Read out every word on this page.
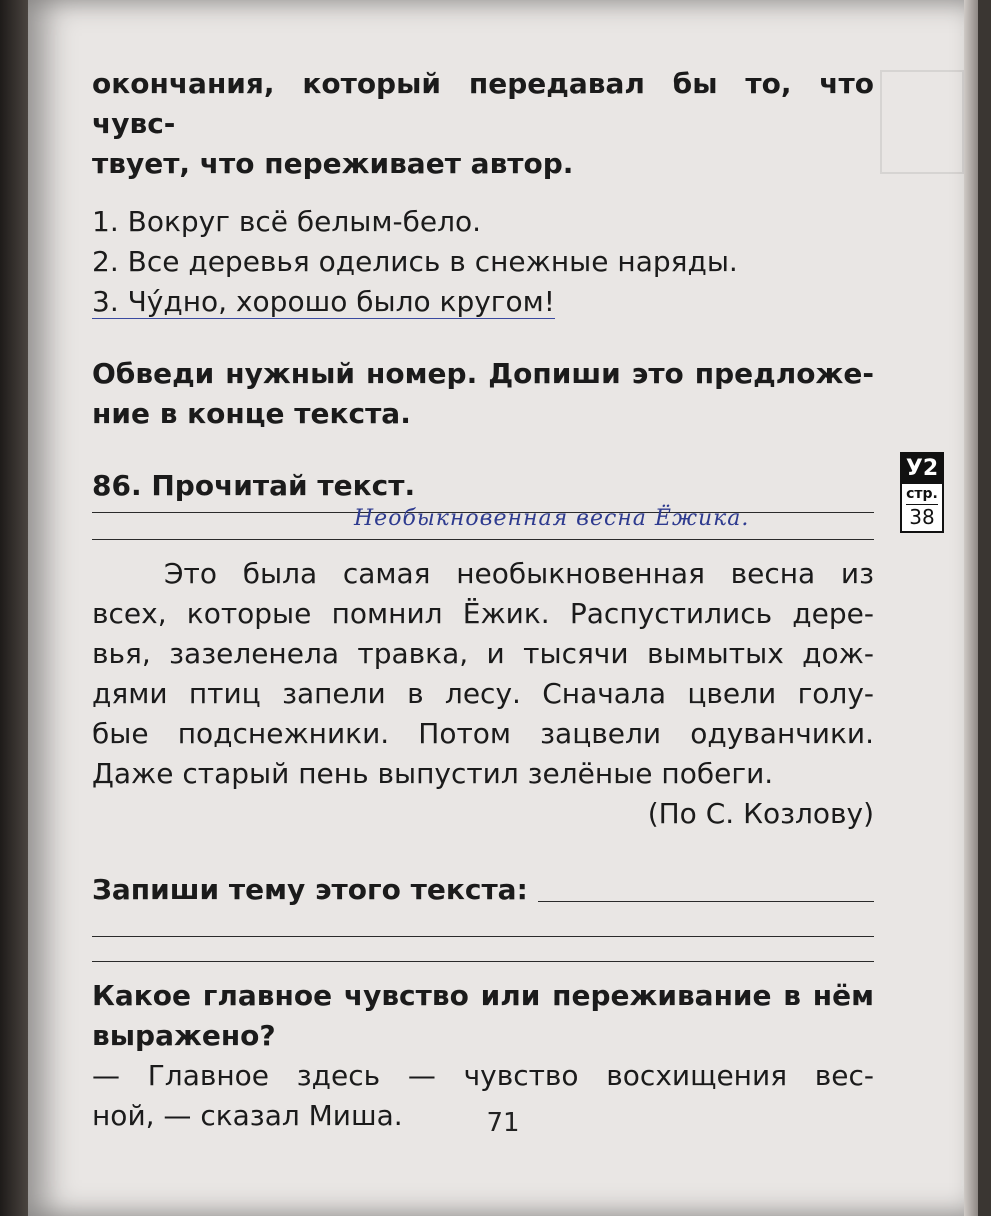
окончания, который передавал бы то, что чувс-

твует, что переживает автор.

1. Вокруг всё белым-бело.

2. Все деревья оделись в снежные наряды.

3. Чу́дно, хорошо было кругом!

Обведи нужный номер. Допиши это предложе-

ние в конце текста.

86. Прочитай текст.

Необыкновенная весна Ёжика.

Это была самая необыкновенная весна из

всех, которые помнил Ёжик. Распустились дере-

вья, зазеленела травка, и тысячи вымытых дож-

дями птиц запели в лесу. Сначала цвели голу-

бые подснежники. Потом зацвели одуванчики.

Даже старый пень выпустил зелёные побеги.

(По С. Козлову)

Запиши тему этого текста:

Какое главное чувство или переживание в нём

выражено?

— Главное здесь — чувство восхищения вес-

ной, — сказал Миша.

У2
стр.
38
71
